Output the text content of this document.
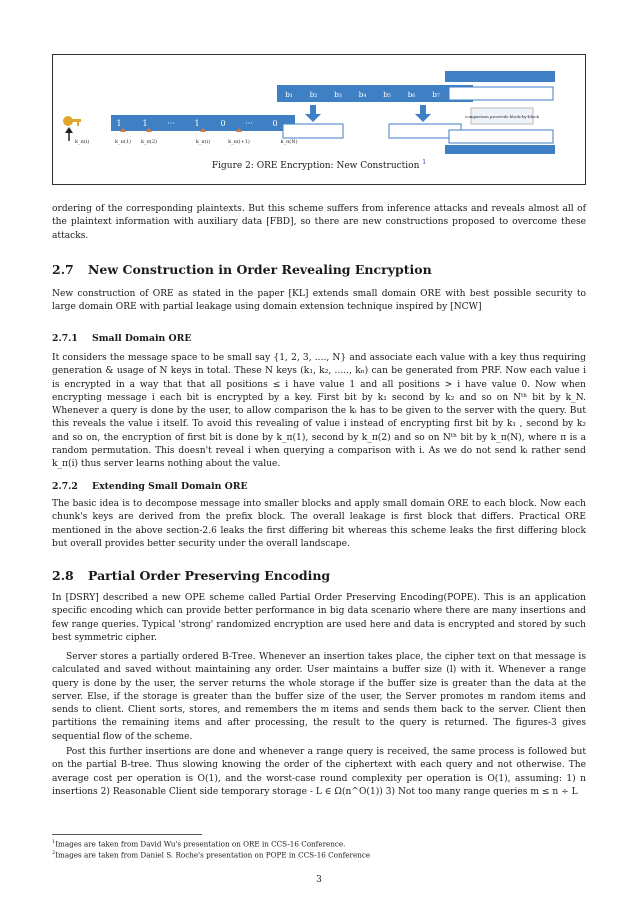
k_π(i)
1	1 ··· 1	0 ··· 0
k_π(1) k_π(2)	k_π(i)	k_π(i+1)	k_π(N)
b₁ b₂ b₃ b₄ b₅ b₆ b₇
comparison proceeds block-by-block
Figure 2: ORE Encryption: New Construction $^1$
ordering of the corresponding plaintexts. But this scheme suffers from inference attacks and reveals almost all of the plaintext information with auxiliary data [FBD], so there are new constructions proposed to overcome these attacks.
2.7 New Construction in Order Revealing Encryption
New construction of ORE as stated in the paper [KL] extends small domain ORE with best possible security to large domain ORE with partial leakage using domain extension technique inspired by [NCW]
2.7.1 Small Domain ORE
It considers the message space to be small say {1, 2, 3, ...., N} and associate each value with a key thus requiring generation & usage of N keys in total. These N keys (k₁, k₂, ....., kₙ) can be generated from PRF. Now each value i is encrypted in a way that that all positions ≤ i have value 1 and all positions > i have value 0. Now when encrypting message i each bit is encrypted by a key. First bit by k₁ second by k₂ and so on Nᵗʰ bit by k_N. Whenever a query is done by the user, to allow comparison the kᵢ has to be given to the server with the query. But this reveals the value i itself. To avoid this revealing of value i instead of encrypting first bit by k₁ , second by k₂ and so on, the encryption of first bit is done by k_π(1), second by k_π(2) and so on Nᵗʰ bit by k_π(N), where π is a random permutation. This doesn't reveal i when querying a comparison with i. As we do not send kᵢ rather send k_π(i) thus server learns nothing about the value.
2.7.2 Extending Small Domain ORE
The basic idea is to decompose message into smaller blocks and apply small domain ORE to each block. Now each chunk's keys are derived from the prefix block. The overall leakage is first block that differs. Practical ORE mentioned in the above section-2.6 leaks the first differing bit whereas this scheme leaks the first differing block but overall provides better security under the overall landscape.
2.8 Partial Order Preserving Encoding
In [DSRY] described a new OPE scheme called Partial Order Preserving Encoding(POPE). This is an application specific encoding which can provide better performance in big data scenario where there are many insertions and few range queries. Typical 'strong' randomized encryption are used here and data is encrypted and stored by such best symmetric cipher.
Server stores a partially ordered B-Tree. Whenever an insertion takes place, the cipher text on that message is calculated and saved without maintaining any order. User maintains a buffer size (l) with it. Whenever a range query is done by the user, the server returns the whole storage if the buffer size is greater than the data at the server. Else, if the storage is greater than the buffer size of the user, the Server promotes m random items and sends to client. Client sorts, stores, and remembers the m items and sends them back to the server. Client then partitions the remaining items and after processing, the result to the query is returned. The figures-3 gives sequential flow of the scheme.
Post this further insertions are done and whenever a range query is received, the same process is followed but on the partial B-tree. Thus slowing knowing the order of the ciphertext with each query and not otherwise. The average cost per operation is O(1), and the worst-case round complexity per operation is O(1), assuming: 1) n insertions 2) Reasonable Client side temporary storage - L ∈ Ω(n^O(1)) 3) Not too many range queries m ≤ n ÷ L
$^1$Images are taken from David Wu's presentation on ORE in CCS-16 Conference.
$^2$Images are taken from Daniel S. Roche's presentation on POPE in CCS-16 Conference
3
